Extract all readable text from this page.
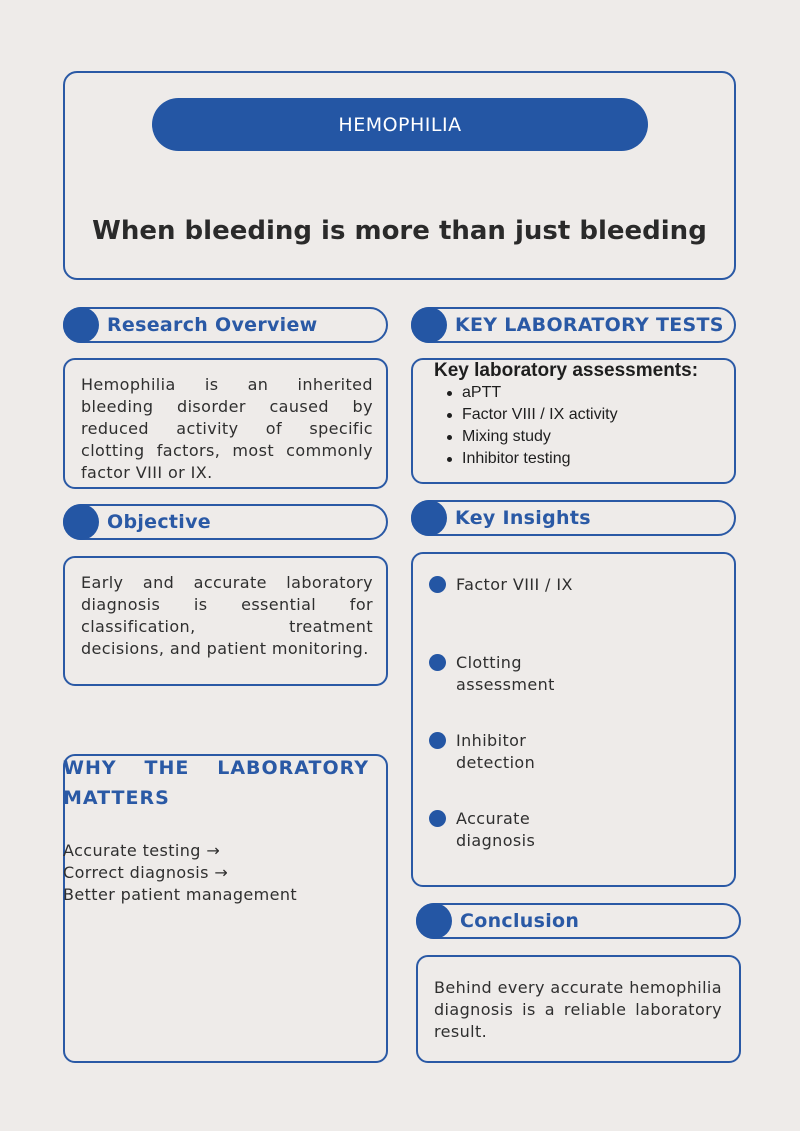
HEMOPHILIA
When bleeding is more than just bleeding
Research Overview
Hemophilia is an inherited bleeding disorder caused by reduced activity of specific clotting factors, most commonly factor VIII or IX.
Objective
Early and accurate laboratory diagnosis is essential for classification, treatment decisions, and patient monitoring.
KEY LABORATORY TESTS
Key laboratory assessments:
aPTT
Factor VIII / IX activity
Mixing study
Inhibitor testing
Key Insights
Factor VIII / IX
Clotting assessment
Inhibitor detection
Accurate diagnosis
WHY THE LABORATORY MATTERS
Accurate testing →
Correct diagnosis →
Better patient management
Conclusion
Behind every accurate hemophilia diagnosis is a reliable laboratory result.
